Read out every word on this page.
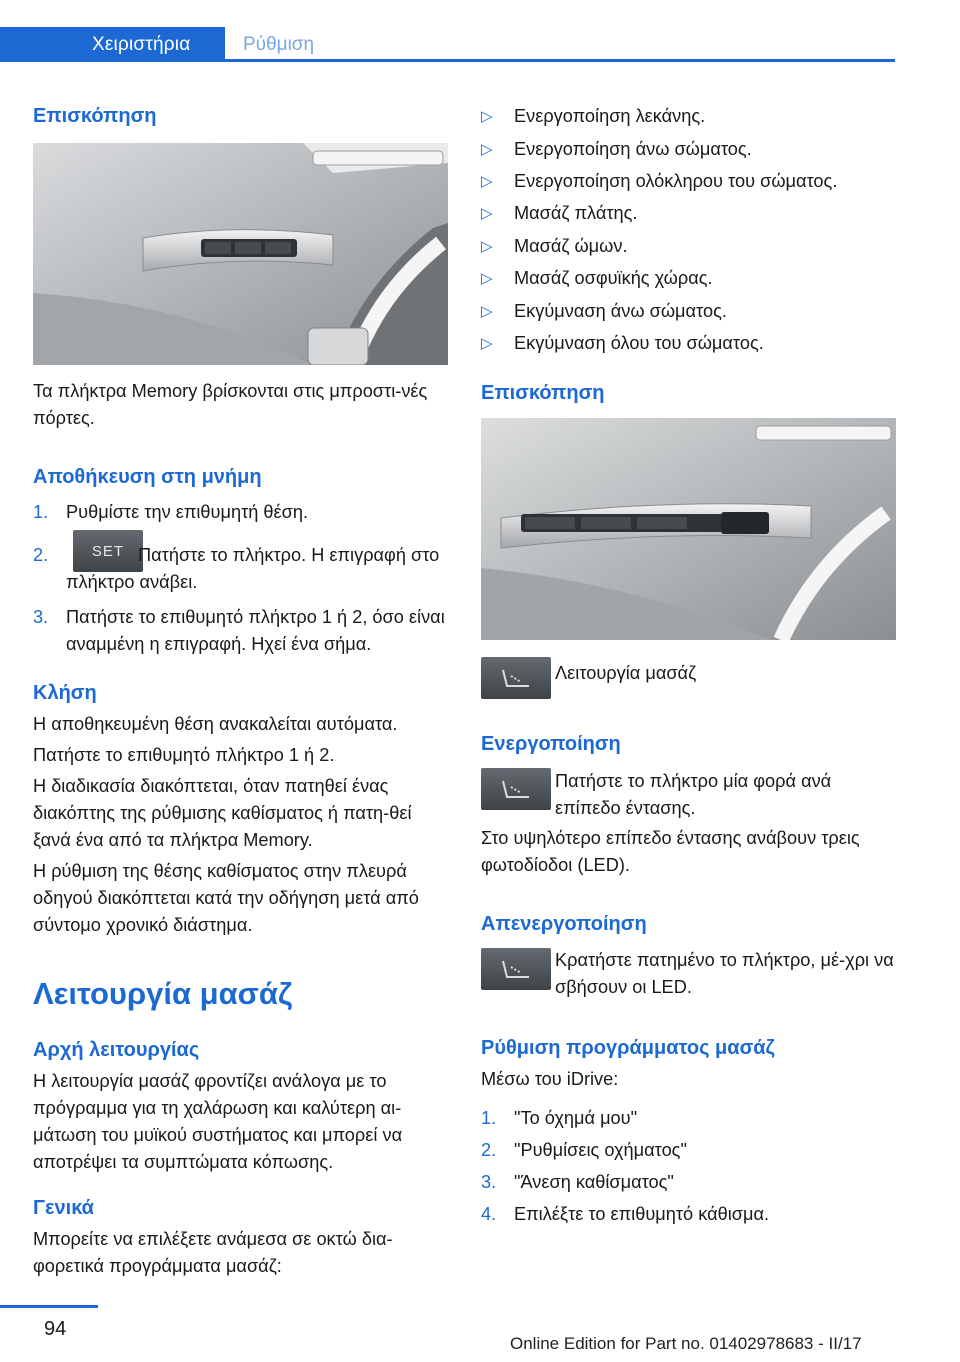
Χειριστήρια	Ρύθμιση
Επισκόπηση
Τα πλήκτρα Memory βρίσκονται στις μπροστι‐νές πόρτες.
Αποθήκευση στη μνήμη
1. Ρυθμίστε την επιθυμητή θέση.
2.	SET Πατήστε το πλήκτρο. Η επιγραφή στο πλήκτρο ανάβει.
3. Πατήστε το επιθυμητό πλήκτρο 1 ή 2, όσο είναι αναμμένη η επιγραφή. Ηχεί ένα σήμα.
Κλήση
Η αποθηκευμένη θέση ανακαλείται αυτόματα.
Πατήστε το επιθυμητό πλήκτρο 1 ή 2.
Η διαδικασία διακόπτεται, όταν πατηθεί ένας διακόπτης της ρύθμισης καθίσματος ή πατη‐θεί ξανά ένα από τα πλήκτρα Memory.
Η ρύθμιση της θέσης καθίσματος στην πλευρά οδηγού διακόπτεται κατά την οδήγηση μετά από σύντομο χρονικό διάστημα.
Λειτουργία μασάζ
Αρχή λειτουργίας
Η λειτουργία μασάζ φροντίζει ανάλογα με το πρόγραμμα για τη χαλάρωση και καλύτερη αι‐μάτωση του μυϊκού συστήματος και μπορεί να αποτρέψει τα συμπτώματα κόπωσης.
Γενικά
Μπορείτε να επιλέξετε ανάμεσα σε οκτώ δια‐φορετικά προγράμματα μασάζ:
▷ Ενεργοποίηση λεκάνης.
▷ Ενεργοποίηση άνω σώματος.
▷ Ενεργοποίηση ολόκληρου του σώματος.
▷ Μασάζ πλάτης.
▷ Μασάζ ώμων.
▷ Μασάζ οσφυϊκής χώρας.
▷ Εκγύμναση άνω σώματος.
▷ Εκγύμναση όλου του σώματος.
Επισκόπηση
Λειτουργία μασάζ
Ενεργοποίηση
Πατήστε το πλήκτρο μία φορά ανά επίπεδο έντασης.
Στο υψηλότερο επίπεδο έντασης ανάβουν τρεις φωτοδίοδοι (LED).
Απενεργοποίηση
Κρατήστε πατημένο το πλήκτρο, μέ‐χρι να σβήσουν οι LED.
Ρύθμιση προγράμματος μασάζ
Μέσω του iDrive:
1. "Το όχημά μου"
2. "Ρυθμίσεις οχήματος"
3. "Άνεση καθίσματος"
4. Επιλέξτε το επιθυμητό κάθισμα.
94
Online Edition for Part no. 01402978683 - II/17
